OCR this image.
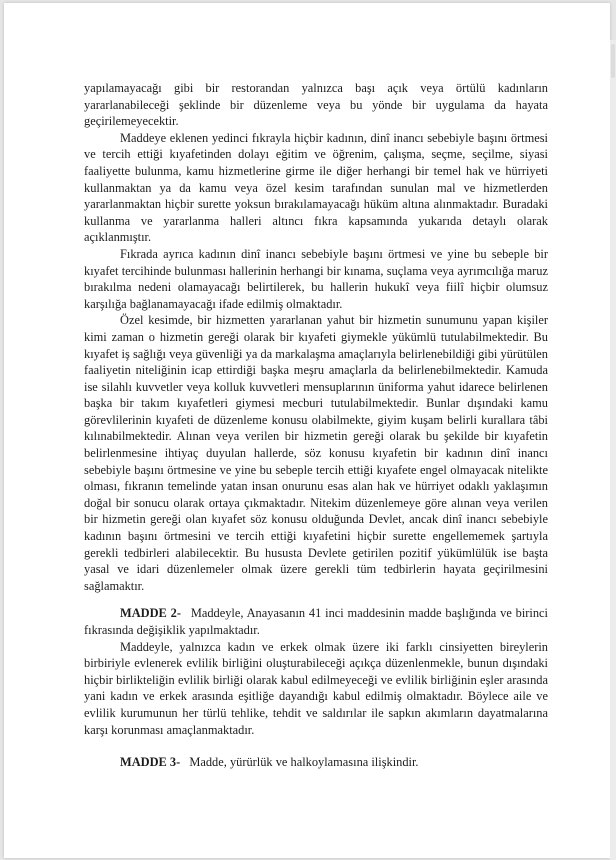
yapılamayacağı gibi bir restorandan yalnızca başı açık veya örtülü kadınların yararlanabileceği şeklinde bir düzenleme veya bu yönde bir uygulama da hayata geçirilemeyecektir.

Maddeye eklenen yedinci fıkrayla hiçbir kadının, dinî inancı sebebiyle başını örtmesi ve tercih ettiği kıyafetinden dolayı eğitim ve öğrenim, çalışma, seçme, seçilme, siyasi faaliyette bulunma, kamu hizmetlerine girme ile diğer herhangi bir temel hak ve hürriyeti kullanmaktan ya da kamu veya özel kesim tarafından sunulan mal ve hizmetlerden yararlanmaktan hiçbir surette yoksun bırakılamayacağı hüküm altına alınmaktadır. Buradaki kullanma ve yararlanma halleri altıncı fıkra kapsamında yukarıda detaylı olarak açıklanmıştır.

Fıkrada ayrıca kadının dinî inancı sebebiyle başını örtmesi ve yine bu sebeple bir kıyafet tercihinde bulunması hallerinin herhangi bir kınama, suçlama veya ayrımcılığa maruz bırakılma nedeni olamayacağı belirtilerek, bu hallerin hukukî veya fiilî hiçbir olumsuz karşılığa bağlanamayacağı ifade edilmiş olmaktadır.

Özel kesimde, bir hizmetten yararlanan yahut bir hizmetin sunumunu yapan kişiler kimi zaman o hizmetin gereği olarak bir kıyafeti giymekle yükümlü tutulabilmektedir. Bu kıyafet iş sağlığı veya güvenliği ya da markalaşma amaçlarıyla belirlenebildiği gibi yürütülen faaliyetin niteliğinin icap ettirdiği başka meşru amaçlarla da belirlenebilmektedir. Kamuda ise silahlı kuvvetler veya kolluk kuvvetleri mensuplarının üniforma yahut idarece belirlenen başka bir takım kıyafetleri giymesi mecburi tutulabilmektedir. Bunlar dışındaki kamu görevlilerinin kıyafeti de düzenleme konusu olabilmekte, giyim kuşam belirli kurallara tâbi kılınabilmektedir. Alınan veya verilen bir hizmetin gereği olarak bu şekilde bir kıyafetin belirlenmesine ihtiyaç duyulan hallerde, söz konusu kıyafetin bir kadının dinî inancı sebebiyle başını örtmesine ve yine bu sebeple tercih ettiği kıyafete engel olmayacak nitelikte olması, fıkranın temelinde yatan insan onurunu esas alan hak ve hürriyet odaklı yaklaşımın doğal bir sonucu olarak ortaya çıkmaktadır. Nitekim düzenlemeye göre alınan veya verilen bir hizmetin gereği olan kıyafet söz konusu olduğunda Devlet, ancak dinî inancı sebebiyle kadının başını örtmesini ve tercih ettiği kıyafetini hiçbir surette engellememek şartıyla gerekli tedbirleri alabilecektir. Bu hususta Devlete getirilen pozitif yükümlülük ise başta yasal ve idari düzenlemeler olmak üzere gerekli tüm tedbirlerin hayata geçirilmesini sağlamaktır.

MADDE 2- Maddeyle, Anayasanın 41 inci maddesinin madde başlığında ve birinci fıkrasında değişiklik yapılmaktadır.

Maddeyle, yalnızca kadın ve erkek olmak üzere iki farklı cinsiyetten bireylerin birbiriyle evlenerek evlilik birliğini oluşturabileceği açıkça düzenlenmekle, bunun dışındaki hiçbir birlikteliğin evlilik birliği olarak kabul edilmeyeceği ve evlilik birliğinin eşler arasında yani kadın ve erkek arasında eşitliğe dayandığı kabul edilmiş olmaktadır. Böylece aile ve evlilik kurumunun her türlü tehlike, tehdit ve saldırılar ile sapkın akımların dayatmalarına karşı korunması amaçlanmaktadır.

MADDE 3- Madde, yürürlük ve halkoylamasına ilişkindir.
